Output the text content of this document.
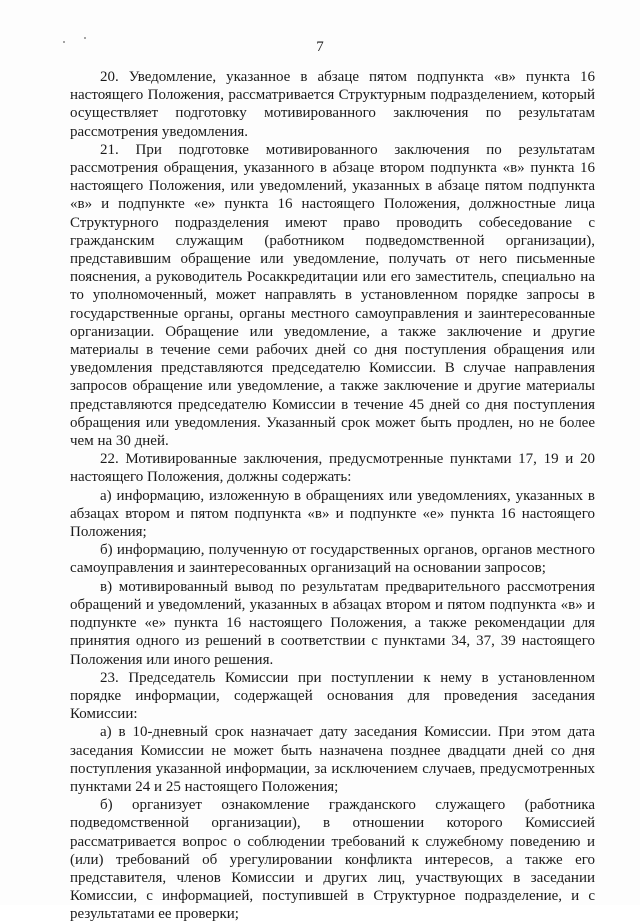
7

20. Уведомление, указанное в абзаце пятом подпункта «в» пункта 16 настоящего Положения, рассматривается Структурным подразделением, который осуществляет подготовку мотивированного заключения по результатам рассмотрения уведомления.

21. При подготовке мотивированного заключения по результатам рассмотрения обращения, указанного в абзаце втором подпункта «в» пункта 16 настоящего Положения, или уведомлений, указанных в абзаце пятом подпункта «в» и подпункте «е» пункта 16 настоящего Положения, должностные лица Структурного подразделения имеют право проводить собеседование с гражданским служащим (работником подведомственной организации), представившим обращение или уведомление, получать от него письменные пояснения, а руководитель Росаккредитации или его заместитель, специально на то уполномоченный, может направлять в установленном порядке запросы в государственные органы, органы местного самоуправления и заинтересованные организации. Обращение или уведомление, а также заключение и другие материалы в течение семи рабочих дней со дня поступления обращения или уведомления представляются председателю Комиссии. В случае направления запросов обращение или уведомление, а также заключение и другие материалы представляются председателю Комиссии в течение 45 дней со дня поступления обращения или уведомления. Указанный срок может быть продлен, но не более чем на 30 дней.

22. Мотивированные заключения, предусмотренные пунктами 17, 19 и 20 настоящего Положения, должны содержать:

а) информацию, изложенную в обращениях или уведомлениях, указанных в абзацах втором и пятом подпункта «в» и подпункте «е» пункта 16 настоящего Положения;

б) информацию, полученную от государственных органов, органов местного самоуправления и заинтересованных организаций на основании запросов;

в) мотивированный вывод по результатам предварительного рассмотрения обращений и уведомлений, указанных в абзацах втором и пятом подпункта «в» и подпункте «е» пункта 16 настоящего Положения, а также рекомендации для принятия одного из решений в соответствии с пунктами 34, 37, 39 настоящего Положения или иного решения.

23. Председатель Комиссии при поступлении к нему в установленном порядке информации, содержащей основания для проведения заседания Комиссии:

а) в 10-дневный срок назначает дату заседания Комиссии. При этом дата заседания Комиссии не может быть назначена позднее двадцати дней со дня поступления указанной информации, за исключением случаев, предусмотренных пунктами 24 и 25 настоящего Положения;

б) организует ознакомление гражданского служащего (работника подведомственной организации), в отношении которого Комиссией рассматривается вопрос о соблюдении требований к служебному поведению и (или) требований об урегулировании конфликта интересов, а также его представителя, членов Комиссии и других лиц, участвующих в заседании Комиссии, с информацией, поступившей в Структурное подразделение, и с результатами ее проверки;
